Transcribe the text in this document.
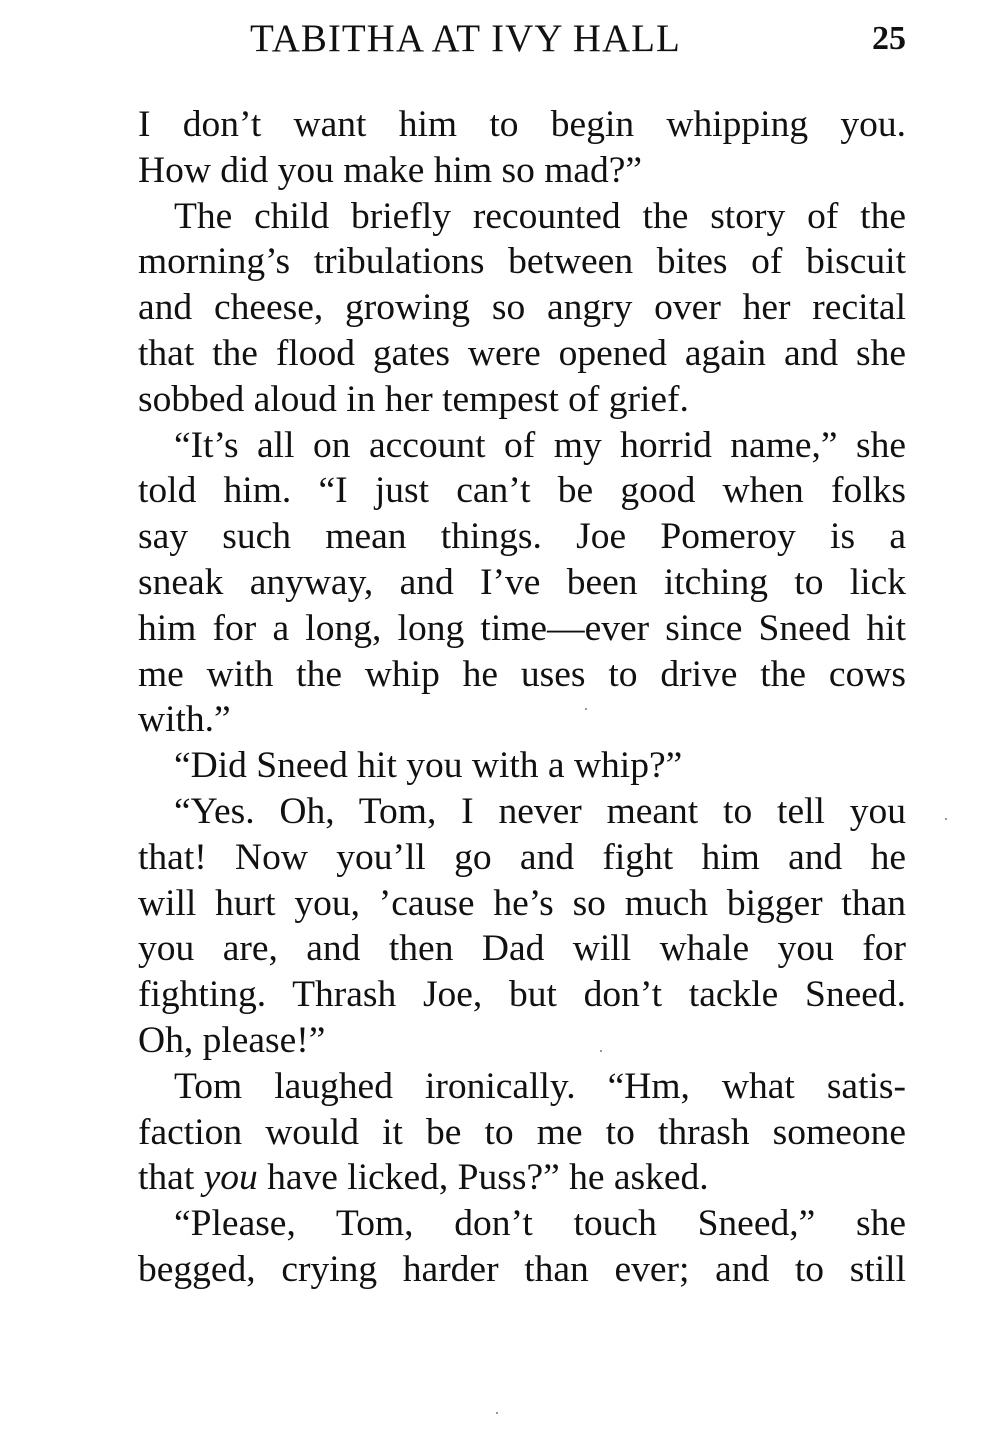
TABITHA AT IVY HALL	25
I don’t want him to begin whipping you.
How did you make him so mad?”
The child briefly recounted the story of the
morning’s tribulations between bites of biscuit
and cheese, growing so angry over her recital
that the flood gates were opened again and she
sobbed aloud in her tempest of grief.
“It’s all on account of my horrid name,” she
told him. “I just can’t be good when folks
say such mean things. Joe Pomeroy is a
sneak anyway, and I’ve been itching to lick
him for a long, long time—ever since Sneed hit
me with the whip he uses to drive the cows
with.”
“Did Sneed hit you with a whip?”
“Yes. Oh, Tom, I never meant to tell you
that! Now you’ll go and fight him and he
will hurt you, ’cause he’s so much bigger than
you are, and then Dad will whale you for
fighting. Thrash Joe, but don’t tackle Sneed.
Oh, please!”
Tom laughed ironically. “Hm, what satis-
faction would it be to me to thrash someone
that you have licked, Puss?” he asked.
“Please, Tom, don’t touch Sneed,” she
begged, crying harder than ever; and to still
